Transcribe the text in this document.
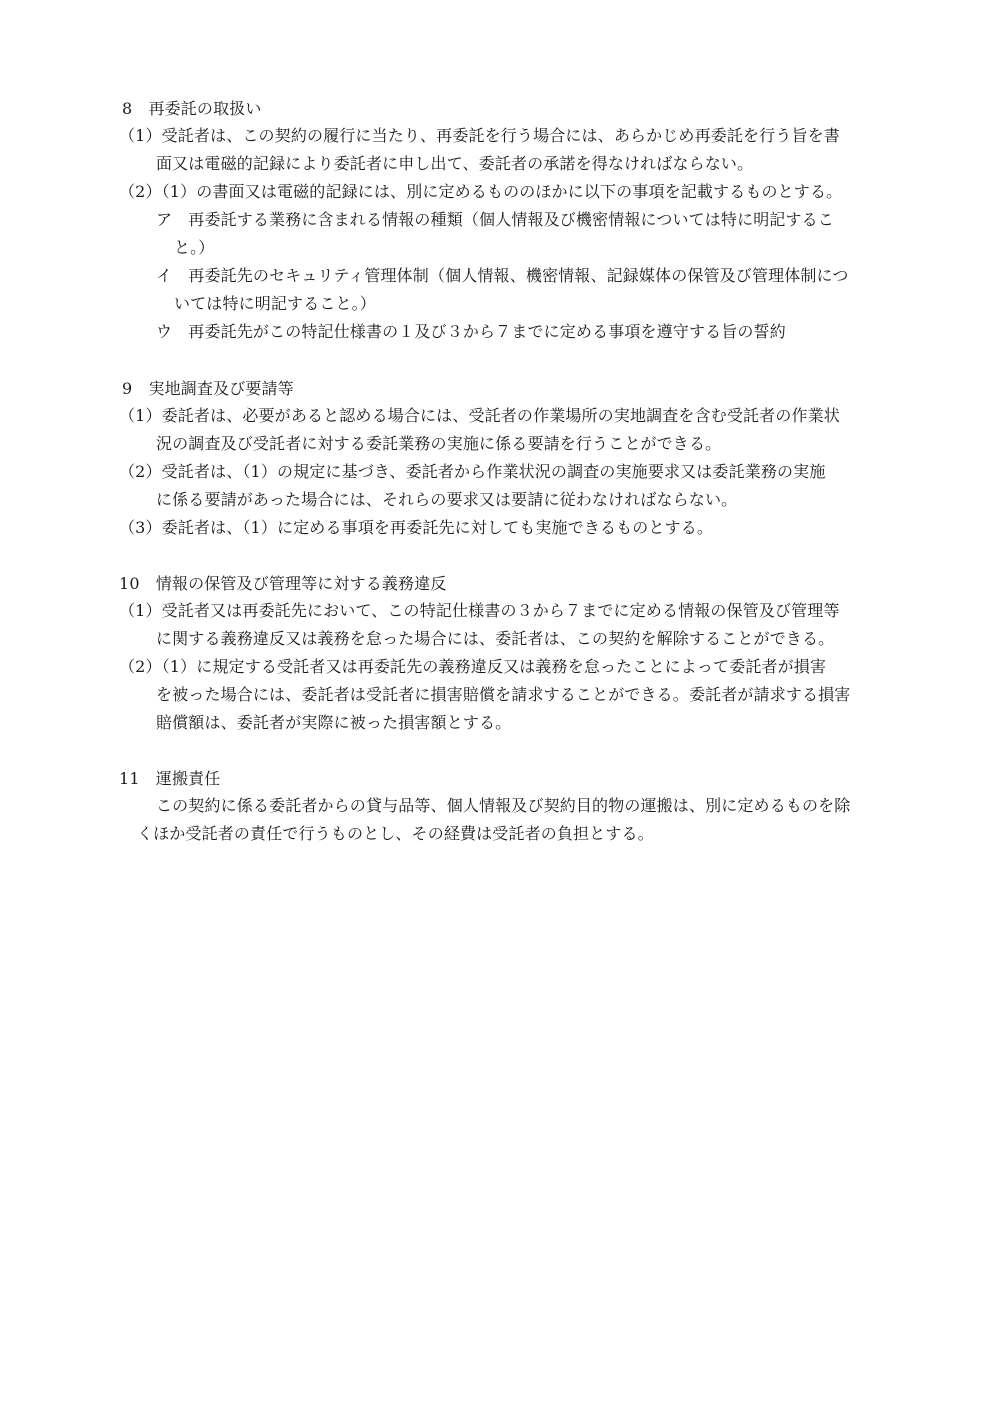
8　再委託の取扱い
（1）受託者は、この契約の履行に当たり、再委託を行う場合には、あらかじめ再委託を行う旨を書
面又は電磁的記録により委託者に申し出て、委託者の承諾を得なければならない。
（2）（1）の書面又は電磁的記録には、別に定めるもののほかに以下の事項を記載するものとする。
ア　再委託する業務に含まれる情報の種類（個人情報及び機密情報については特に明記するこ
と。）
イ　再委託先のセキュリティ管理体制（個人情報、機密情報、記録媒体の保管及び管理体制につ
いては特に明記すること。）
ウ　再委託先がこの特記仕様書の１及び３から７までに定める事項を遵守する旨の誓約
9　実地調査及び要請等
（1）委託者は、必要があると認める場合には、受託者の作業場所の実地調査を含む受託者の作業状
況の調査及び受託者に対する委託業務の実施に係る要請を行うことができる。
（2）受託者は、（1）の規定に基づき、委託者から作業状況の調査の実施要求又は委託業務の実施
に係る要請があった場合には、それらの要求又は要請に従わなければならない。
（3）委託者は、（1）に定める事項を再委託先に対しても実施できるものとする。
10　情報の保管及び管理等に対する義務違反
（1）受託者又は再委託先において、この特記仕様書の３から７までに定める情報の保管及び管理等
に関する義務違反又は義務を怠った場合には、委託者は、この契約を解除することができる。
（2）（1）に規定する受託者又は再委託先の義務違反又は義務を怠ったことによって委託者が損害
を被った場合には、委託者は受託者に損害賠償を請求することができる。委託者が請求する損害
賠償額は、委託者が実際に被った損害額とする。
11　運搬責任
この契約に係る委託者からの貸与品等、個人情報及び契約目的物の運搬は、別に定めるものを除
くほか受託者の責任で行うものとし、その経費は受託者の負担とする。
